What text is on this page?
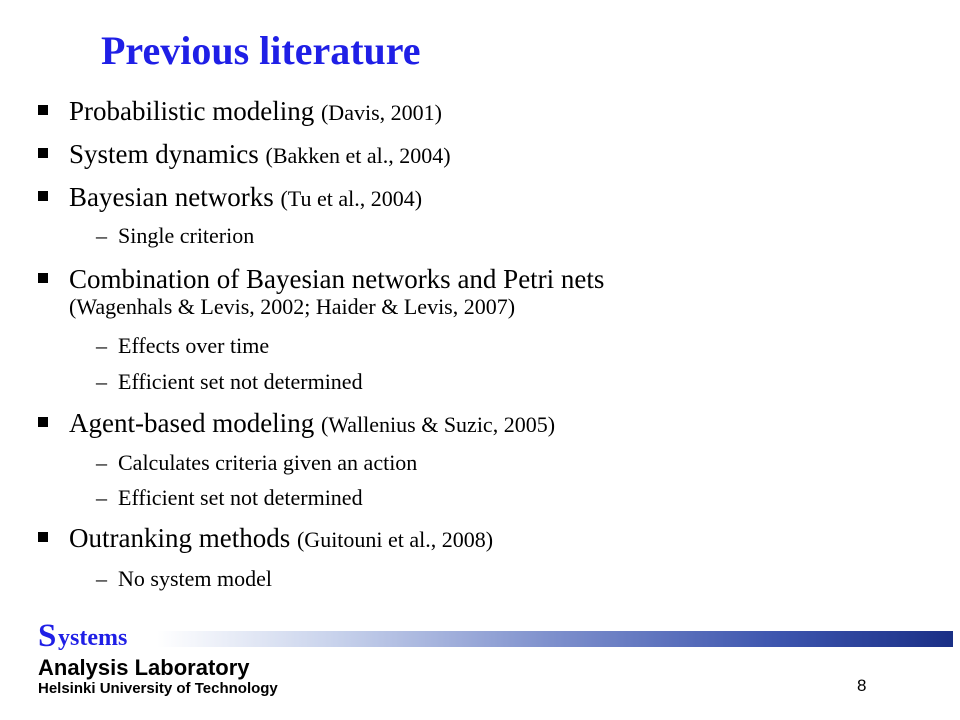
Previous literature
Probabilistic modeling (Davis, 2001)
System dynamics (Bakken et al., 2004)
Bayesian networks (Tu et al., 2004)
– Single criterion
Combination of Bayesian networks and Petri nets
(Wagenhals & Levis, 2002; Haider & Levis, 2007)
– Effects over time
– Efficient set not determined
Agent-based modeling (Wallenius & Suzic, 2005)
– Calculates criteria given an action
– Efficient set not determined
Outranking methods (Guitouni et al., 2008)
– No system model
S ystems
Analysis Laboratory
Helsinki University of Technology	8
